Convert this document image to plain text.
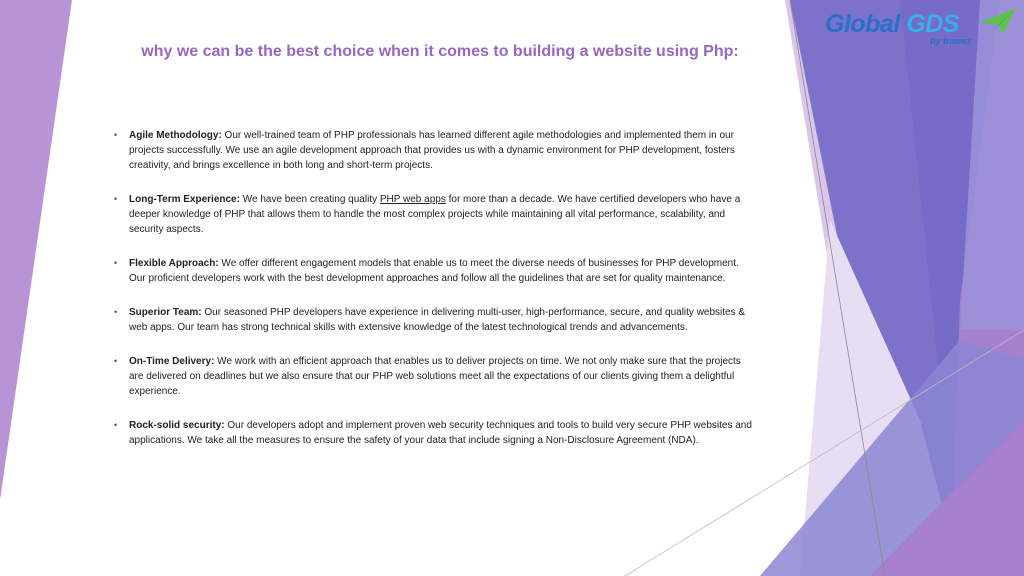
Global GDS
by trawex
why we can be the best choice when it comes to building a website using Php:
• Agile Methodology: Our well-trained team of PHP professionals has learned different agile methodologies and implemented them in our projects successfully. We use an agile development approach that provides us with a dynamic environment for PHP development, fosters creativity, and brings excellence in both long and short-term projects.
• Long-Term Experience: We have been creating quality PHP web apps for more than a decade. We have certified developers who have a deeper knowledge of PHP that allows them to handle the most complex projects while maintaining all vital performance, scalability, and security aspects.
• Flexible Approach: We offer different engagement models that enable us to meet the diverse needs of businesses for PHP development. Our proficient developers work with the best development approaches and follow all the guidelines that are set for quality maintenance.
• Superior Team: Our seasoned PHP developers have experience in delivering multi-user, high-performance, secure, and quality websites & web apps. Our team has strong technical skills with extensive knowledge of the latest technological trends and advancements.
• On-Time Delivery: We work with an efficient approach that enables us to deliver projects on time. We not only make sure that the projects are delivered on deadlines but we also ensure that our PHP web solutions meet all the expectations of our clients giving them a delightful experience.
• Rock-solid security: Our developers adopt and implement proven web security techniques and tools to build very secure PHP websites and applications. We take all the measures to ensure the safety of your data that include signing a Non-Disclosure Agreement (NDA).
